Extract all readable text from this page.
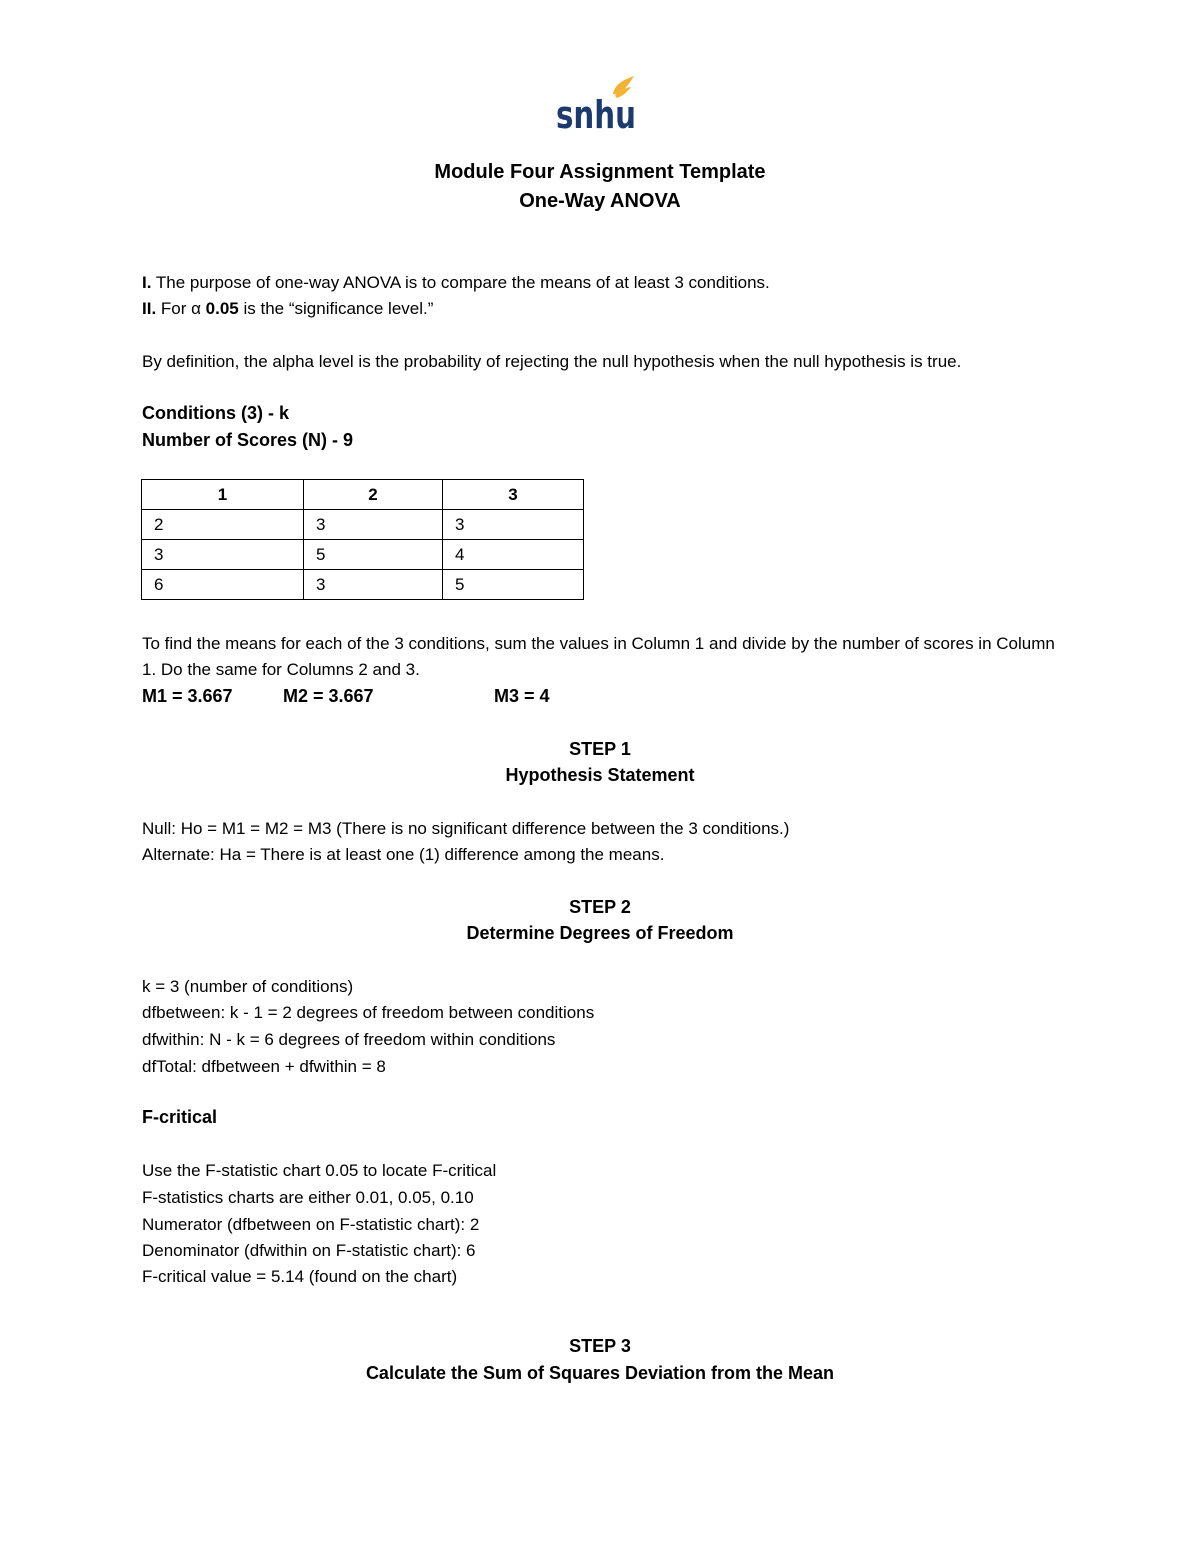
snhu
Module Four Assignment Template
One-Way ANOVA
I. The purpose of one-way ANOVA is to compare the means of at least 3 conditions.
II. For α 0.05 is the “significance level.”
By definition, the alpha level is the probability of rejecting the null hypothesis when the null hypothesis is true.
Conditions (3) - k
Number of Scores (N) - 9
1	2	3
2	3	3
3	5	4
6	3	5
To find the means for each of the 3 conditions, sum the values in Column 1 and divide by the number of scores in Column 1. Do the same for Columns 2 and 3.
M1 = 3.667	M2 = 3.667	M3 = 4
STEP 1
Hypothesis Statement
Null: Ho = M1 = M2 = M3 (There is no significant difference between the 3 conditions.)
Alternate: Ha = There is at least one (1) difference among the means.
STEP 2
Determine Degrees of Freedom
k = 3 (number of conditions)
dfbetween: k - 1 = 2 degrees of freedom between conditions
dfwithin: N - k = 6 degrees of freedom within conditions
dfTotal: dfbetween + dfwithin = 8
F-critical
Use the F-statistic chart 0.05 to locate F-critical
F-statistics charts are either 0.01, 0.05, 0.10
Numerator (dfbetween on F-statistic chart): 2
Denominator (dfwithin on F-statistic chart): 6
F-critical value = 5.14 (found on the chart)
STEP 3
Calculate the Sum of Squares Deviation from the Mean
